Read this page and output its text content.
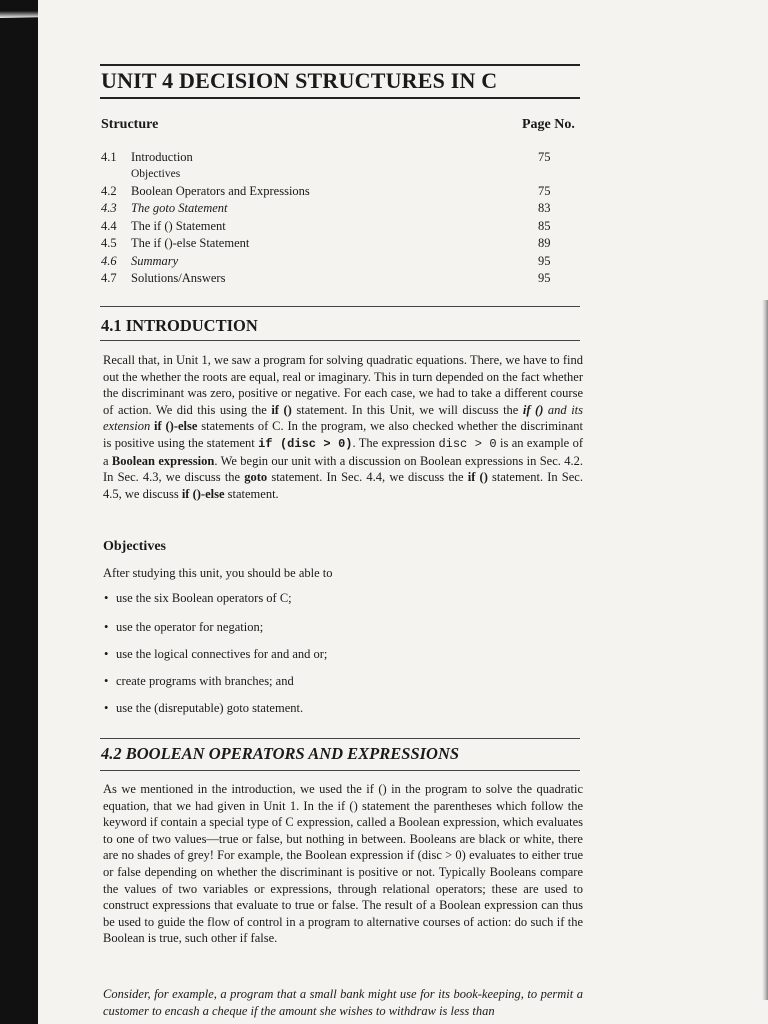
UNIT 4 DECISION STRUCTURES IN C
Structure	Page No.
4.1 Introduction	75
Objectives
4.2 Boolean Operators and Expressions	75
4.3 The goto Statement	83
4.4 The if () Statement	85
4.5 The if ()-else Statement	89
4.6 Summary	95
4.7 Solutions/Answers	95
4.1 INTRODUCTION
Recall that, in Unit 1, we saw a program for solving quadratic equations. There, we have to find out the whether the roots are equal, real or imaginary. This in turn depended on the fact whether the discriminant was zero, positive or negative. For each case, we had to take a different course of action. We did this using the if () statement. In this Unit, we will discuss the if () and its extension if ()-else statements of C. In the program, we also checked whether the discriminant is positive using the statement if (disc > 0). The expression disc > 0 is an example of a Boolean expression. We begin our unit with a discussion on Boolean expressions in Sec. 4.2. In Sec. 4.3, we discuss the goto statement. In Sec. 4.4, we discuss the if () statement. In Sec. 4.5, we discuss if ()-else statement.
Objectives
After studying this unit, you should be able to
• use the six Boolean operators of C;
• use the operator for negation;
• use the logical connectives for and and or;
• create programs with branches; and
• use the (disreputable) goto statement.
4.2 BOOLEAN OPERATORS AND EXPRESSIONS
As we mentioned in the introduction, we used the if () in the program to solve the quadratic equation, that we had given in Unit 1. In the if () statement the parentheses which follow the keyword if contain a special type of C expression, called a Boolean expression, which evaluates to one of two values—true or false, but nothing in between. Booleans are black or white, there are no shades of grey! For example, the Boolean expression if (disc > 0) evaluates to either true or false depending on whether the discriminant is positive or not. Typically Booleans compare the values of two variables or expressions, through relational operators; these are used to construct expressions that evaluate to true or false. The result of a Boolean expression can thus be used to guide the flow of control in a program to alternative courses of action: do such if the Boolean is true, such other if false.
Consider, for example, a program that a small bank might use for its book-keeping, to permit a customer to encash a cheque if the amount she wishes to withdraw is less than
